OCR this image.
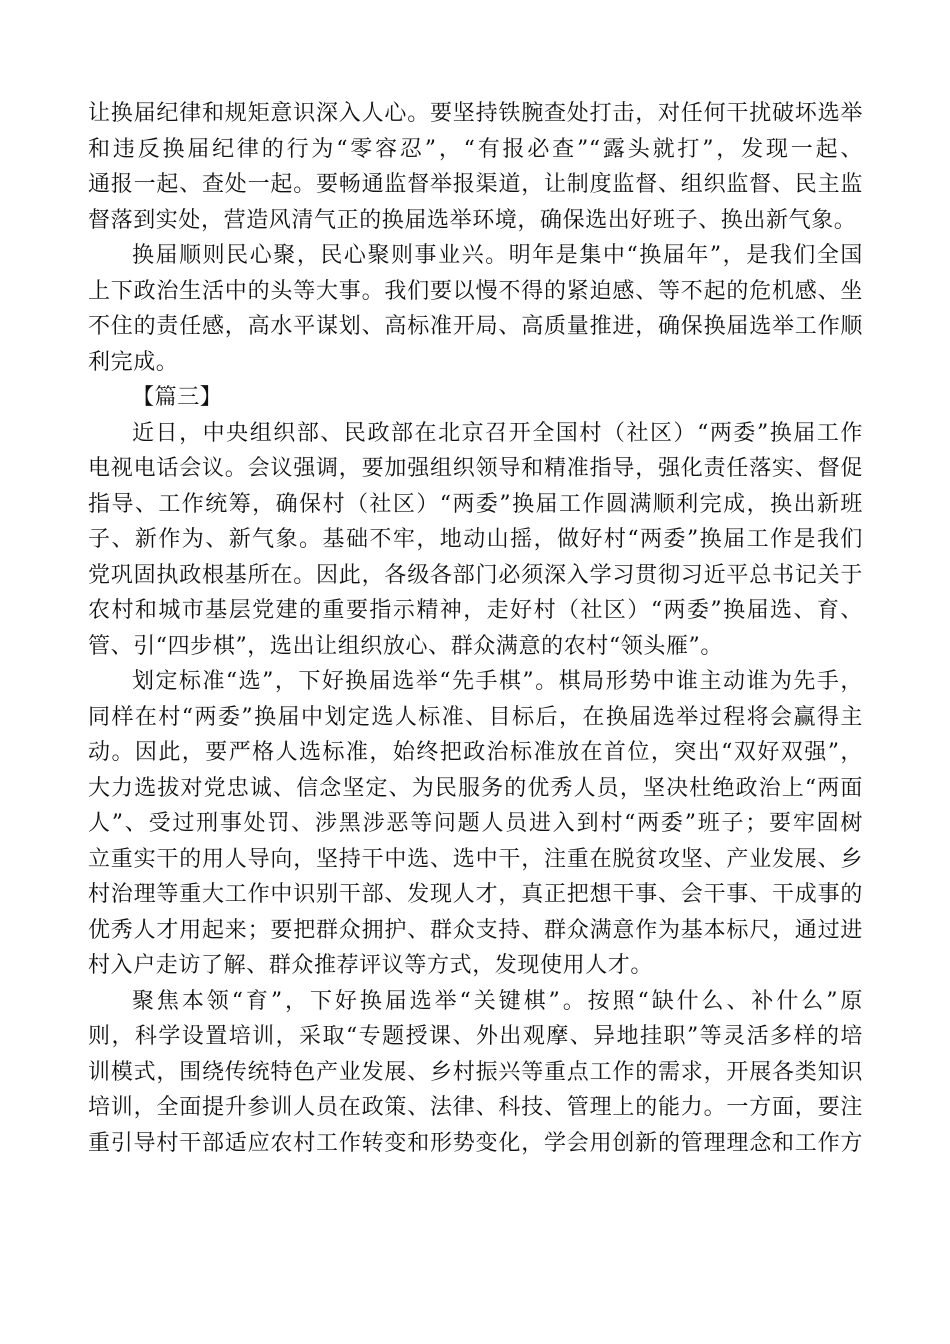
让换届纪律和规矩意识深入人心。要坚持铁腕查处打击，对任何干扰破坏选举
和违反换届纪律的行为“零容忍”，“有报必查”“露头就打”，发现一起、
通报一起、查处一起。要畅通监督举报渠道，让制度监督、组织监督、民主监
督落到实处，营造风清气正的换届选举环境，确保选出好班子、换出新气象。
换届顺则民心聚，民心聚则事业兴。明年是集中“换届年”，是我们全国
上下政治生活中的头等大事。我们要以慢不得的紧迫感、等不起的危机感、坐
不住的责任感，高水平谋划、高标准开局、高质量推进，确保换届选举工作顺
利完成。
【篇三】
近日，中央组织部、民政部在北京召开全国村（社区）“两委”换届工作
电视电话会议。会议强调，要加强组织领导和精准指导，强化责任落实、督促
指导、工作统筹，确保村（社区）“两委”换届工作圆满顺利完成，换出新班
子、新作为、新气象。基础不牢，地动山摇，做好村“两委”换届工作是我们
党巩固执政根基所在。因此，各级各部门必须深入学习贯彻习近平总书记关于
农村和城市基层党建的重要指示精神，走好村（社区）“两委”换届选、育、
管、引“四步棋”，选出让组织放心、群众满意的农村“领头雁”。
划定标准“选”，下好换届选举“先手棋”。棋局形势中谁主动谁为先手，
同样在村“两委”换届中划定选人标准、目标后，在换届选举过程将会赢得主
动。因此，要严格人选标准，始终把政治标准放在首位，突出“双好双强”，
大力选拔对党忠诚、信念坚定、为民服务的优秀人员，坚决杜绝政治上“两面
人”、受过刑事处罚、涉黑涉恶等问题人员进入到村“两委”班子；要牢固树
立重实干的用人导向，坚持干中选、选中干，注重在脱贫攻坚、产业发展、乡
村治理等重大工作中识别干部、发现人才，真正把想干事、会干事、干成事的
优秀人才用起来；要把群众拥护、群众支持、群众满意作为基本标尺，通过进
村入户走访了解、群众推荐评议等方式，发现使用人才。
聚焦本领“育”，下好换届选举“关键棋”。按照“缺什么、补什么”原
则，科学设置培训，采取“专题授课、外出观摩、异地挂职”等灵活多样的培
训模式，围绕传统特色产业发展、乡村振兴等重点工作的需求，开展各类知识
培训，全面提升参训人员在政策、法律、科技、管理上的能力。一方面，要注
重引导村干部适应农村工作转变和形势变化，学会用创新的管理理念和工作方
